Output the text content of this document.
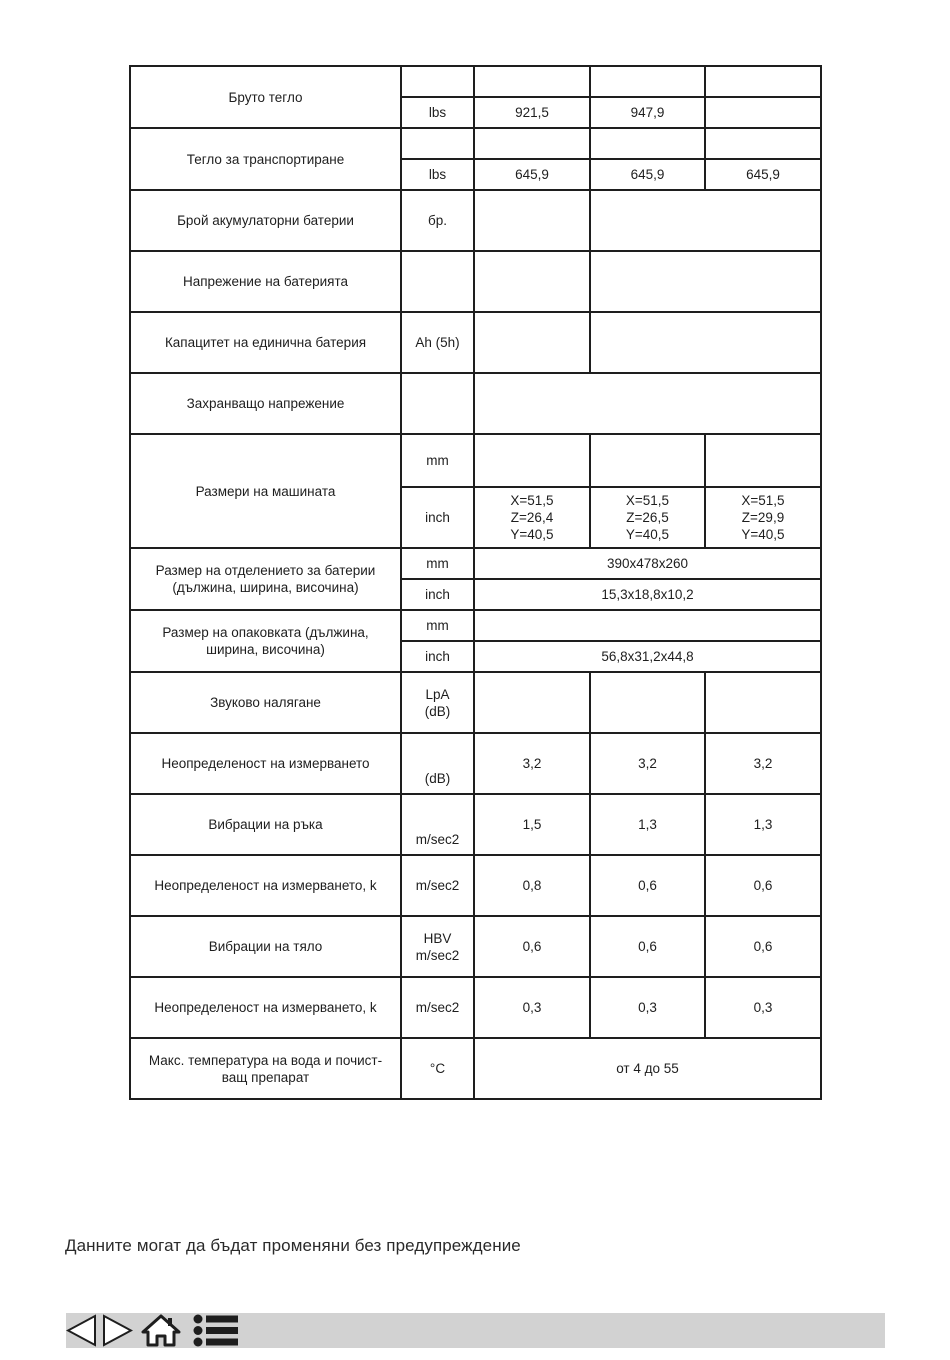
Бруто тегло				
	lbs	921,5	947,9	
Тегло за транспортиране				
	lbs	645,9	645,9	645,9
Брой акумулаторни батерии	бр.			
Напрежение на батерията				
Капацитет на единична батерия	Ah (5h)			
Захранващо напрежение				
Размери на машината	mm			
	inch	X=51,5
Z=26,4
Y=40,5	X=51,5
Z=26,5
Y=40,5	X=51,5
Z=29,9
Y=40,5
Размер на отделението за батерии (дължина, ширина, височина)	mm	390x478x260		
	inch	15,3x18,8x10,2		
Размер на опаковката (дължина, ширина, височина)	mm			
	inch	56,8x31,2x44,8		
Звуково налягане	LpA
(dB)			
Неопределеност на измерването	(dB)	3,2	3,2	3,2
Вибрации на ръка	m/sec2	1,5	1,3	1,3
Неопределеност на измерването, k	m/sec2	0,8	0,6	0,6
Вибрации на тяло	HBV
m/sec2	0,6	0,6	0,6
Неопределеност на измерването, k	m/sec2	0,3	0,3	0,3
Макс. температура на вода и почист-
ващ препарат	°C	от 4 до 55		
Данните могат да бъдат променяни без предупреждение
